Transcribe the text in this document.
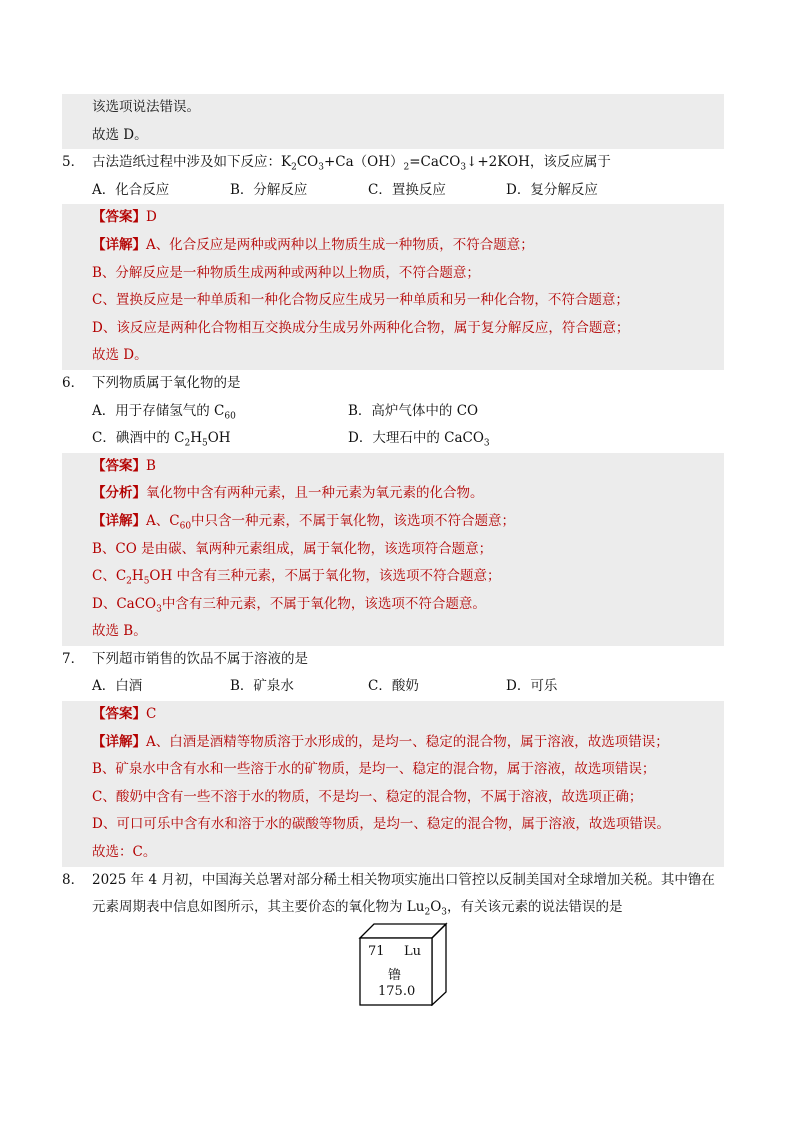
该选项说法错误。
故选 D。
5． 古法造纸过程中涉及如下反应：$K_2CO_3+Ca(OH)_2=CaCO_3↓+2KOH$，该反应属于
A．化合反应	B．分解反应	C．置换反应	D．复分解反应
【答案】D
【详解】A、化合反应是两种或两种以上物质生成一种物质，不符合题意；
B、分解反应是一种物质生成两种或两种以上物质，不符合题意；
C、置换反应是一种单质和一种化合物反应生成另一种单质和另一种化合物，不符合题意；
D、该反应是两种化合物相互交换成分生成另外两种化合物，属于复分解反应，符合题意；
故选 D。
6． 下列物质属于氧化物的是
A．用于存储氢气的 $C_{60}$	B．高炉气体中的 CO
C．碘酒中的 $C_2H_5OH$	D．大理石中的 CaCO$_3$
【答案】B
【分析】氧化物中含有两种元素，且一种元素为氧元素的化合物。
【详解】A、$C_{60}$中只含一种元素，不属于氧化物，该选项不符合题意；
B、CO 是由碳、氧两种元素组成，属于氧化物，该选项符合题意；
C、$C_2H_5OH$ 中含有三种元素，不属于氧化物，该选项不符合题意；
D、CaCO$_3$中含有三种元素，不属于氧化物，该选项不符合题意。
故选 B。
7． 下列超市销售的饮品不属于溶液的是
A．白酒	B．矿泉水	C．酸奶	D．可乐
【答案】C
【详解】A、白酒是酒精等物质溶于水形成的，是均一、稳定的混合物，属于溶液，故选项错误；
B、矿泉水中含有水和一些溶于水的矿物质，是均一、稳定的混合物，属于溶液，故选项错误；
C、酸奶中含有一些不溶于水的物质，不是均一、稳定的混合物，不属于溶液，故选项正确；
D、可口可乐中含有水和溶于水的碳酸等物质，是均一、稳定的混合物，属于溶液，故选项错误。
故选：C。
8． 2025 年 4 月初，中国海关总署对部分稀土相关物项实施出口管控以反制美国对全球增加关税。其中镥在
元素周期表中信息如图所示，其主要价态的氧化物为 $Lu_2O_3$，有关该元素的说法错误的是
71 Lu
镥
175.0
